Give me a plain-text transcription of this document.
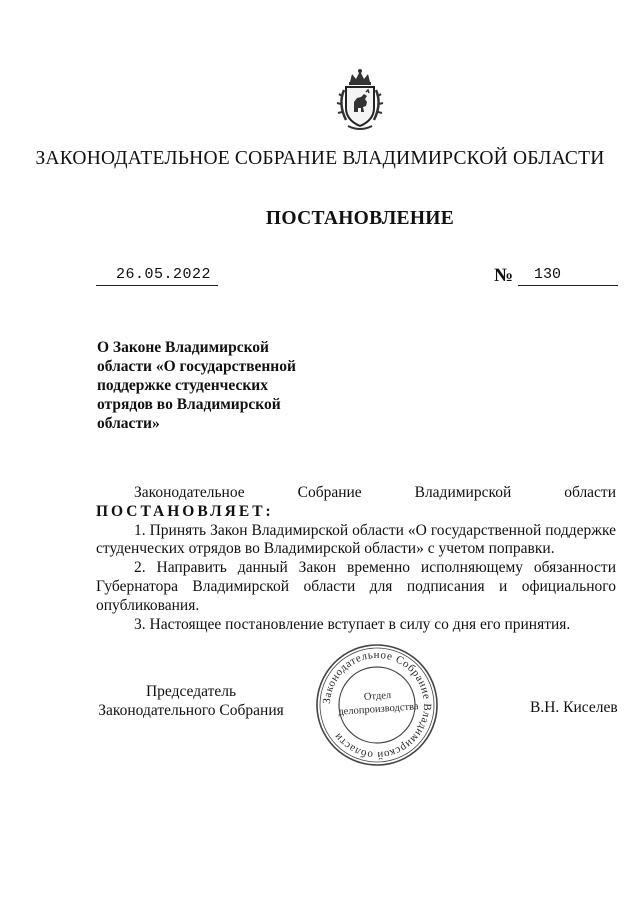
ЗАКОНОДАТЕЛЬНОЕ СОБРАНИЕ ВЛАДИМИРСКОЙ ОБЛАСТИ
ПОСТАНОВЛЕНИЕ
26.05.2022	№ 130
О Законе Владимирской
области «О государственной
поддержке студенческих
отрядов во Владимирской
области»

Законодательное	Собрание	Владимирской	области

ПОСТАНОВЛЯЕТ:

1. Принять Закон Владимирской области «О государственной поддержке студенческих отрядов во Владимирской области» с учетом поправки.

2. Направить данный Закон временно исполняющему обязанности Губернатора Владимирской области для подписания и официального опубликования.

3. Настоящее постановление вступает в силу со дня его принятия.

Председатель
Законодательного Собрания	В.Н. Киселев
Законодательное Собрание Владимирской области
Отдел
делопроизводства
